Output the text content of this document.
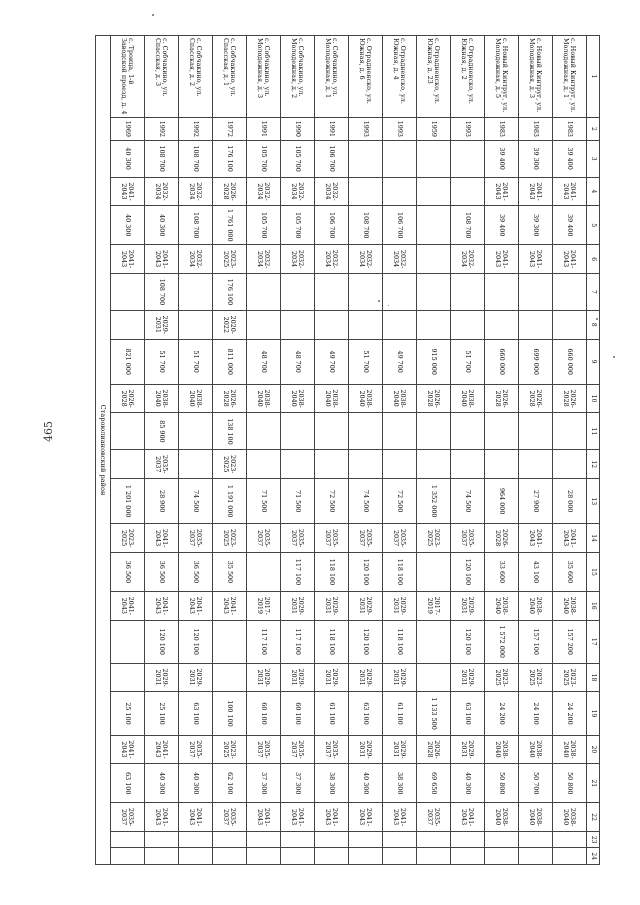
465
1	2	3	4	5	6	7	8	9	10	11	12	13	14	15	16	17	18	19	20	21	22	23	24
с. Новый Кинтруг, ул. Молодежная, д. 1	1983	39 400	2041-2043	39 400	2041-2043			660 000	2026-2028			28 000	2041-2043	35 600	2038-2040	157 200	2023-2025	24 200	2038-2040	50 800	2038-2040		
с. Новый Кинтруг, ул. Молодежная, д. 3	1983	39 300	2041-2043	39 300	2041-2043			699 000	2026-2028			27 900	2041-2043	43 100	2038-2040	157 100	2023-2025	24 100	2038-2040	50 700	2038-2040		
с. Новый Кинтруг, ул. Молодежная, д. 5	1983	39 400	2041-2043	39 400	2041-2043			660 000	2026-2028			964 000	2026-2028	33 600	2038-2040	1 572 000	2023-2025	24 200	2038-2040	50 800	2038-2040		
с. Отрадненско, ул. Южная, д. 2	1993			108 700	2032-2034			51 700	2038-2040			74 500	2035-2037	120 100	2029-2031	120 100	2029-2031	63 100	2029-2031	40 300	2041-2043		
с. Отрадненско, ул. Южная, д. 23	1959							915 000	2026-2028			1 352 000	2023-2025		2017-2019			1 133 500	2026-2028	69 650	2035-2037		
с. Отрадненско, ул. Южная, д. 4	1993			106 700	2032-2034			49 700	2038-2040			72 500	2035-2037	118 100	2029-2031	118 100	2029-2031	61 100	2029-2031	38 300	2041-2043		
с. Отрадненско, ул. Южная, д. 6	1993			108 700	2032-2034			51 700	2038-2040			74 500	2035-2037	120 100	2029-2031	120 100	2029-2031	63 100	2029-2031	40 300	2041-2043		
с. Собчакино, ул. Молодежная, д. 1	1991	106 700	2032-2034	106 700	2032-2034			49 700	2038-2040			72 500	2035-2037	118 100	2029-2031	118 100	2029-2031	61 100	2035-2037	38 300	2041-2043		
с. Собчакино, ул. Молодежная, д. 2	1990	105 700	2032-2034	105 700	2032-2034			48 700	2038-2040			71 500	2035-2037	117 100	2029-2031	117 100	2029-2031	60 100	2035-2037	37 300	2041-2043		
с. Собчакино, ул. Молодежная, д. 3	1991	105 700	2032-2034	105 700	2032-2034			48 700	2038-2040			71 500	2035-2037		2017-2019	117 100	2029-2031	60 100	2035-2037	37 300	2041-2043		
с. Собчакино, ул. Спасская, д. 1	1972	176 100	2026-2028	1 761 000	2023-2025	176 100	2020-2022	811 000	2026-2028	138 100	2023-2025	1 191 000	2023-2025	35 500	2041-2043			100 100	2023-2025	62 100	2035-2037		
с. Собчакино, ул. Спасская, д. 2	1992	108 700	2032-2034	108 700	2032-2034			51 700	2038-2040			74 500	2035-2037	36 500	2041-2043	120 100	2029-2031	63 100	2035-2037	40 300	2041-2043		
с. Собчакино, ул. Спасская, д. 3	1992	108 700	2032-2034	40 300	2041-2043	108 700	2029-2031	51 700	2038-2040	85 900	2035-2037	28 900	2041-2043	36 500	2041-2043	120 100	2029-2031	25 100	2041-2043	40 300	2041-2043		
с. Троица, 1-й Заводской проезд, д. 4	1969	40 300	2041-2043	40 300	2041-2043			821 000	2026-2028			1 201 000	2023-2025	36 500	2041-2043			25 100	2041-2043	63 100	2035-2037		
Староюлиановский район																							
